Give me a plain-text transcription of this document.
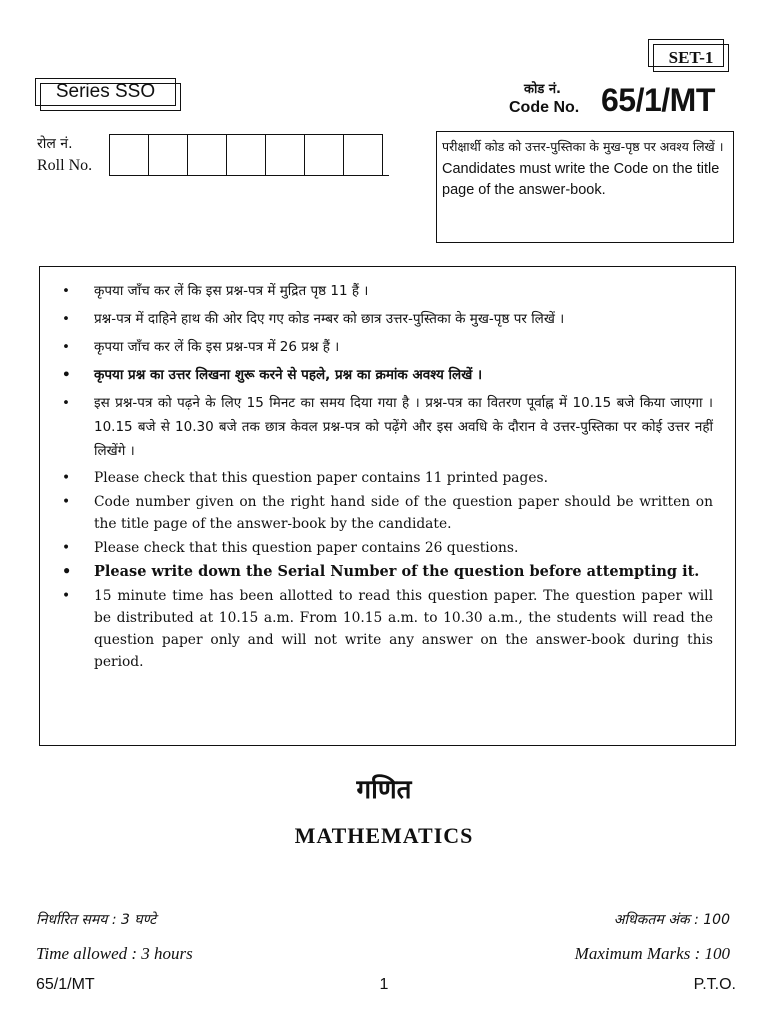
SET-1
Series SSO	कोड नं.
Code No. 65/1/MT
रोल नं.
Roll No.
परीक्षार्थी कोड को उत्तर-पुस्तिका के मुख-पृष्ठ पर अवश्य लिखें ।
Candidates must write the Code on the title page of the answer-book.
• कृपया जाँच कर लें कि इस प्रश्न-पत्र में मुद्रित पृष्ठ 11 हैं ।
• प्रश्न-पत्र में दाहिने हाथ की ओर दिए गए कोड नम्बर को छात्र उत्तर-पुस्तिका के मुख-पृष्ठ पर लिखें ।
• कृपया जाँच कर लें कि इस प्रश्न-पत्र में 26 प्रश्न हैं ।
• कृपया प्रश्न का उत्तर लिखना शुरू करने से पहले, प्रश्न का क्रमांक अवश्य लिखें ।
• इस प्रश्न-पत्र को पढ़ने के लिए 15 मिनट का समय दिया गया है । प्रश्न-पत्र का वितरण पूर्वाह्न में 10.15 बजे किया जाएगा । 10.15 बजे से 10.30 बजे तक छात्र केवल प्रश्न-पत्र को पढ़ेंगे और इस अवधि के दौरान वे उत्तर-पुस्तिका पर कोई उत्तर नहीं लिखेंगे ।
• Please check that this question paper contains 11 printed pages.
• Code number given on the right hand side of the question paper should be written on the title page of the answer-book by the candidate.
• Please check that this question paper contains 26 questions.
• Please write down the Serial Number of the question before attempting it.
• 15 minute time has been allotted to read this question paper. The question paper will be distributed at 10.15 a.m. From 10.15 a.m. to 10.30 a.m., the students will read the question paper only and will not write any answer on the answer-book during this period.
गणित
MATHEMATICS
निर्धारित समय : 3 घण्टे
Time allowed : 3 hours
अधिकतम अंक : 100
Maximum Marks : 100
65/1/MT	1	P.T.O.
